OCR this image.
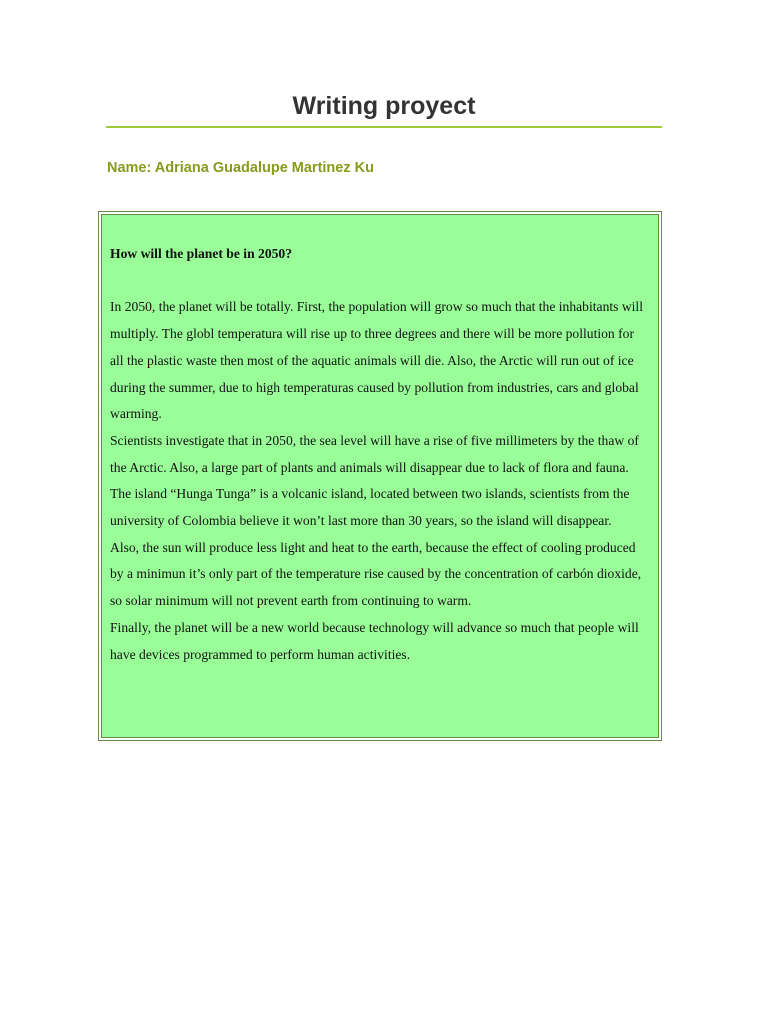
Writing proyect

Name: Adriana Guadalupe Martinez Ku

How will the planet be in 2050?

In 2050, the planet will be totally. First, the population will grow so much that the inhabitants will multiply. The globl temperatura will rise up to three degrees and there will be more pollution for all the plastic waste then most of the aquatic animals will die. Also, the Arctic will run out of ice during the summer, due to high temperaturas caused by pollution from industries, cars and global warming.

Scientists investigate that in 2050, the sea level will have a rise of five millimeters by the thaw of the Arctic. Also, a large part of plants and animals will disappear due to lack of flora and fauna.

The island “Hunga Tunga” is a volcanic island, located between two islands, scientists from the university of Colombia believe it won’t last more than 30 years, so the island will disappear.

Also, the sun will produce less light and heat to the earth, because the effect of cooling produced by a minimun it’s only part of the temperature rise caused by the concentration of carbón dioxide, so solar minimum will not prevent earth from continuing to warm.

Finally, the planet will be a new world because technology will advance so much that people will have devices programmed to perform human activities.
